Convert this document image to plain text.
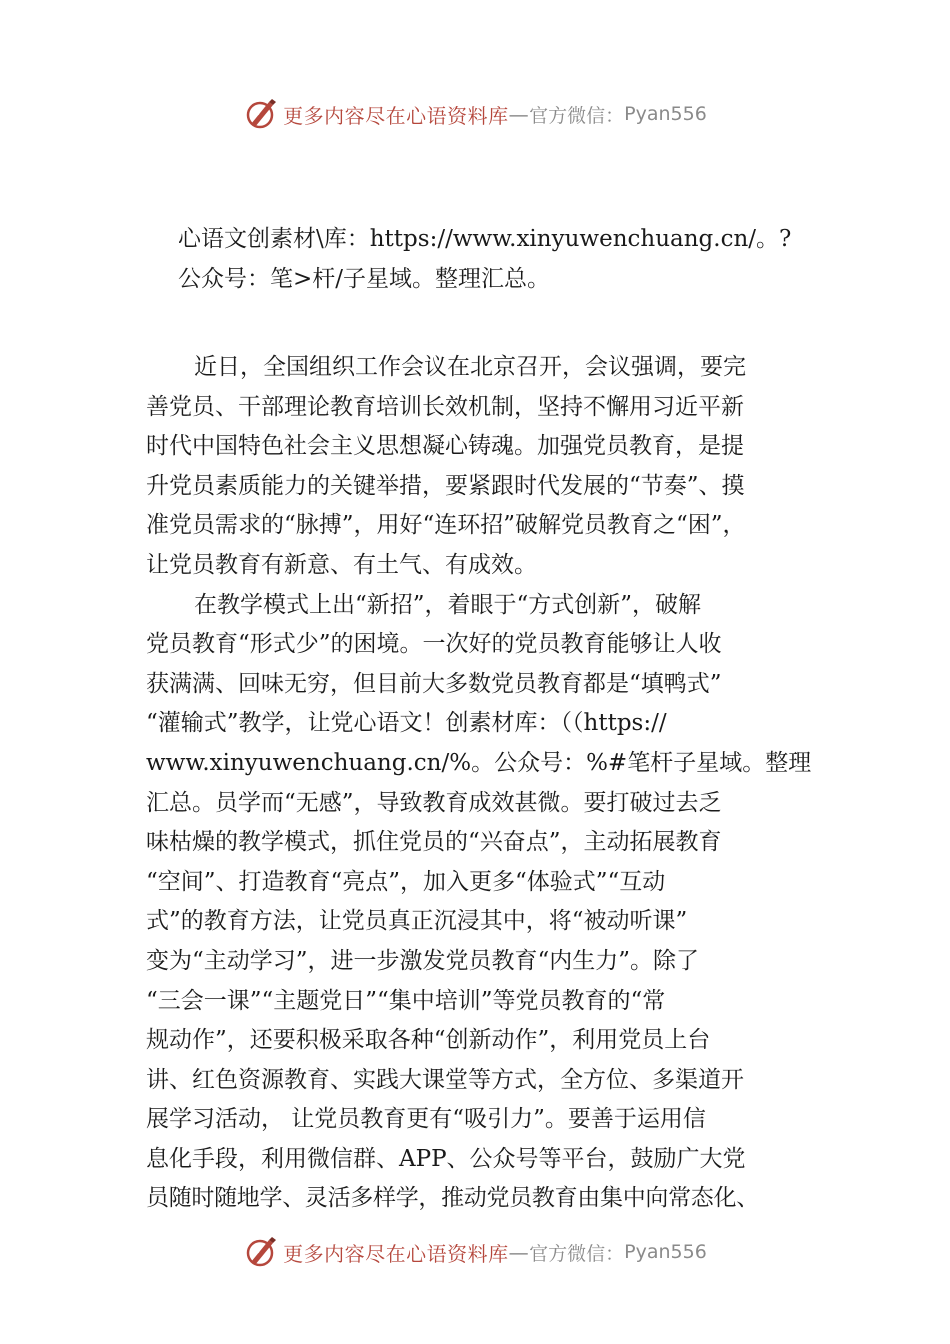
更多内容尽在心语资料库 — 官方微信： Pyan556
心语文创素材\库：https://www.xinyuwenchuang.cn/。?
公众号：笔>杆/子星域。整理汇总。
近日，全国组织工作会议在北京召开，会议强调，要完
善党员、干部理论教育培训长效机制，坚持不懈用习近平新
时代中国特色社会主义思想凝心铸魂。加强党员教育，是提
升党员素质能力的关键举措，要紧跟时代发展的“节奏”、摸
准党员需求的“脉搏”，用好“连环招”破解党员教育之“困”，
让党员教育有新意、有土气、有成效。
在教学模式上出“新招”，着眼于“方式创新”，破解
党员教育“形式少”的困境。一次好的党员教育能够让人收
获满满、回味无穷，但目前大多数党员教育都是“填鸭式”
“灌输式”教学，让党心语文！创素材库：（（https://
www.xinyuwenchuang.cn/%。公众号：%#笔杆子星域。整理
汇总。员学而“无感”，导致教育成效甚微。要打破过去乏
味枯燥的教学模式，抓住党员的“兴奋点”，主动拓展教育
“空间”、打造教育“亮点”，加入更多“体验式”“互动
式”的教育方法，让党员真正沉浸其中，将“被动听课”
变为“主动学习”，进一步激发党员教育“内生力”。除了
“三会一课”“主题党日”“集中培训”等党员教育的“常
规动作”，还要积极采取各种“创新动作”，利用党员上台
讲、红色资源教育、实践大课堂等方式，全方位、多渠道开
展学习活动， 让党员教育更有“吸引力”。要善于运用信
息化手段，利用微信群、APP、公众号等平台，鼓励广大党
员随时随地学、灵活多样学，推动党员教育由集中向常态化、
更多内容尽在心语资料库 — 官方微信： Pyan556
